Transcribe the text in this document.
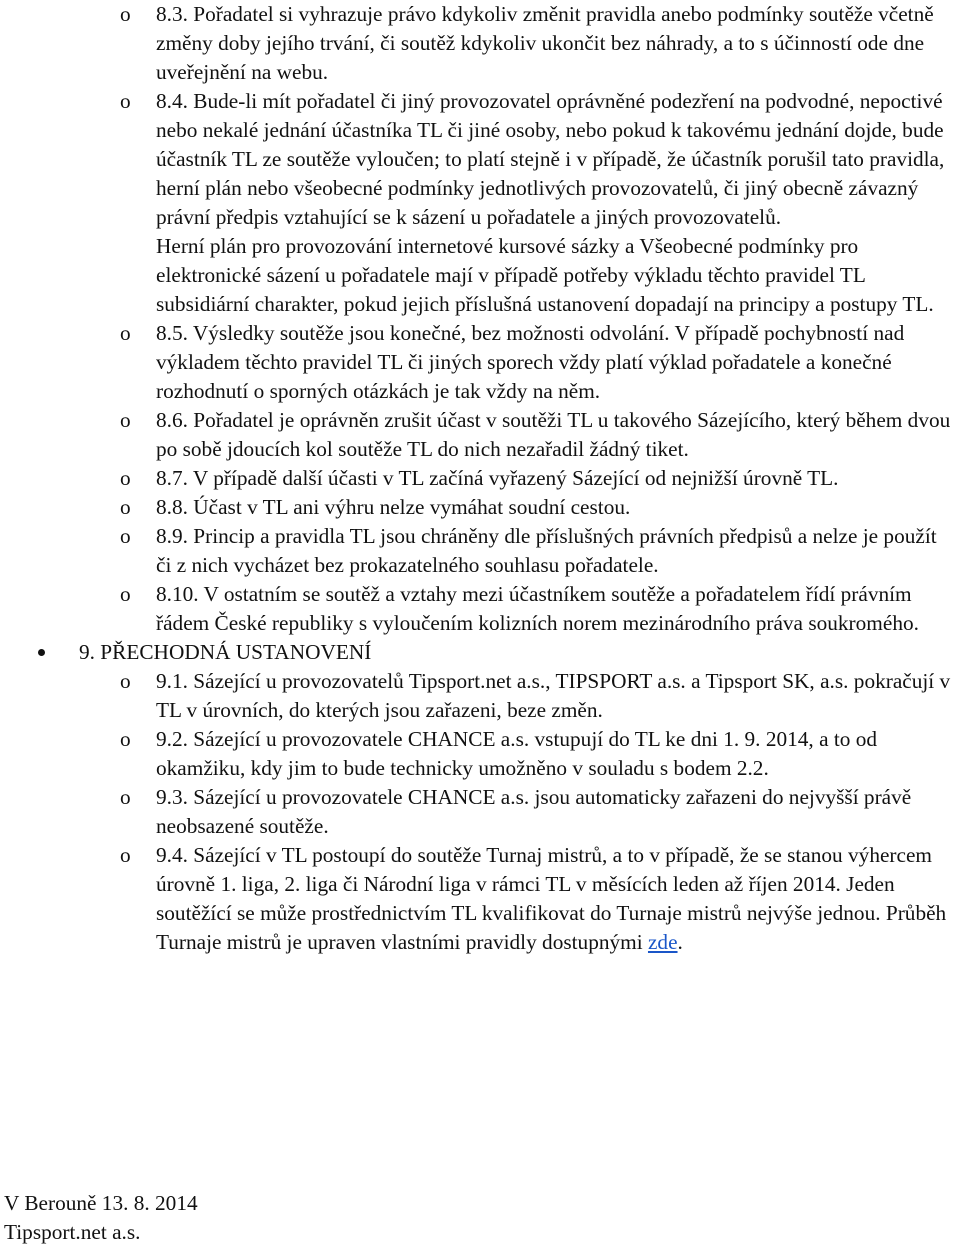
o	8.3. Pořadatel si vyhrazuje právo kdykoliv změnit pravidla anebo podmínky soutěže včetně změny doby jejího trvání, či soutěž kdykoliv ukončit bez náhrady, a to s účinností ode dne uveřejnění na webu.
o	8.4. Bude-li mít pořadatel či jiný provozovatel oprávněné podezření na podvodné, nepoctivé nebo nekalé jednání účastníka TL či jiné osoby, nebo pokud k takovému jednání dojde, bude účastník TL ze soutěže vyloučen; to platí stejně i v případě, že účastník porušil tato pravidla, herní plán nebo všeobecné podmínky jednotlivých provozovatelů, či jiný obecně závazný právní předpis vztahující se k sázení u pořadatele a jiných provozovatelů.
Herní plán pro provozování internetové kursové sázky a Všeobecné podmínky pro elektronické sázení u pořadatele mají v případě potřeby výkladu těchto pravidel TL subsidiární charakter, pokud jejich příslušná ustanovení dopadají na principy a postupy TL.
o	8.5. Výsledky soutěže jsou konečné, bez možnosti odvolání. V případě pochybností nad výkladem těchto pravidel TL či jiných sporech vždy platí výklad pořadatele a konečné rozhodnutí o sporných otázkách je tak vždy na něm.
o	8.6. Pořadatel je oprávněn zrušit účast v soutěži TL u takového Sázejícího, který během dvou po sobě jdoucích kol soutěže TL do nich nezařadil žádný tiket.
o	8.7. V případě další účasti v TL začíná vyřazený Sázející od nejnižší úrovně TL.
o	8.8. Účast v TL ani výhru nelze vymáhat soudní cestou.
o	8.9. Princip a pravidla TL jsou chráněny dle příslušných právních předpisů a nelze je použít či z nich vycházet bez prokazatelného souhlasu pořadatele.
o	8.10. V ostatním se soutěž a vztahy mezi účastníkem soutěže a pořadatelem řídí právním řádem České republiky s vyloučením kolizních norem mezinárodního práva soukromého.
9. PŘECHODNÁ USTANOVENÍ
o	9.1. Sázející u provozovatelů Tipsport.net a.s., TIPSPORT a.s. a Tipsport SK, a.s. pokračují v TL v úrovních, do kterých jsou zařazeni, beze změn.
o	9.2. Sázející u provozovatele CHANCE a.s. vstupují do TL ke dni 1. 9. 2014, a to od okamžiku, kdy jim to bude technicky umožněno v souladu s bodem 2.2.
o	9.3. Sázející u provozovatele CHANCE a.s. jsou automaticky zařazeni do nejvyšší právě neobsazené soutěže.
o	9.4. Sázející v TL postoupí do soutěže Turnaj mistrů, a to v případě, že se stanou výhercem úrovně 1. liga, 2. liga či Národní liga v rámci TL v měsících leden až říjen 2014. Jeden soutěžící se může prostřednictvím TL kvalifikovat do Turnaje mistrů nejvýše jednou. Průběh Turnaje mistrů je upraven vlastními pravidly dostupnými zde.
V Berouně 13. 8. 2014
Tipsport.net a.s.
